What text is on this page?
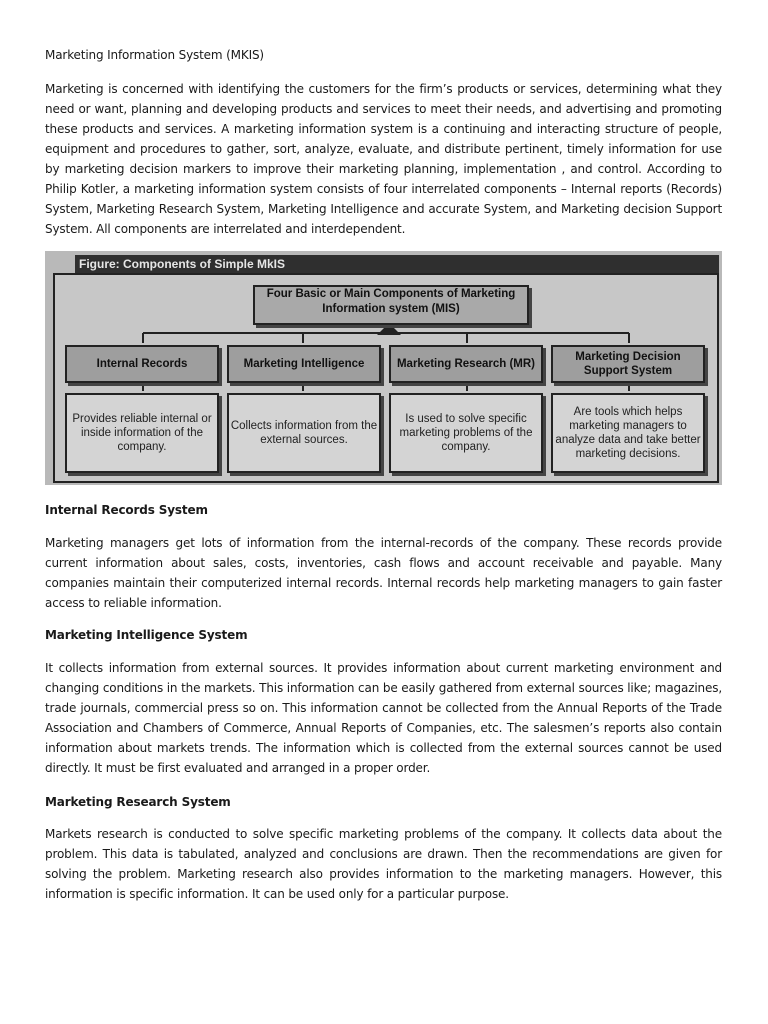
Marketing Information System (MKIS)

Marketing is concerned with identifying the customers for the firm’s products or services, determining what they need or want, planning and developing products and services to meet their needs, and advertising and promoting these products and services. A marketing information system is a continuing and interacting structure of people, equipment and procedures to gather, sort, analyze, evaluate, and distribute pertinent, timely information for use by marketing decision markers to improve their marketing planning, implementation , and control. According to Philip Kotler, a marketing information system consists of four interrelated components – Internal reports (Records) System, Marketing Research System, Marketing Intelligence and accurate System, and Marketing decision Support System. All components are interrelated and interdependent.

Figure: Components of Simple MkIS
Four Basic or Main Components of Marketing Information system (MIS)
Internal Records	Marketing Intelligence	Marketing Research (MR)
Marketing Decision Support System
Provides reliable internal or inside information of the company.
Collects information from the external sources.
Is used to solve specific marketing problems of the company.
Are tools which helps marketing managers to analyze data and take better marketing decisions.

Internal Records System

Marketing managers get lots of information from the internal-records of the company. These records provide current information about sales, costs, inventories, cash flows and account receivable and payable. Many companies maintain their computerized internal records. Internal records help marketing managers to gain faster access to reliable information.

Marketing Intelligence System

It collects information from external sources. It provides information about current marketing environment and changing conditions in the markets. This information can be easily gathered from external sources like; magazines, trade journals, commercial press so on. This information cannot be collected from the Annual Reports of the Trade Association and Chambers of Commerce, Annual Reports of Companies, etc. The salesmen’s reports also contain information about markets trends. The information which is collected from the external sources cannot be used directly. It must be first evaluated and arranged in a proper order.

Marketing Research System

Markets research is conducted to solve specific marketing problems of the company. It collects data about the problem. This data is tabulated, analyzed and conclusions are drawn. Then the recommendations are given for solving the problem. Marketing research also provides information to the marketing managers. However, this information is specific information. It can be used only for a particular purpose.
